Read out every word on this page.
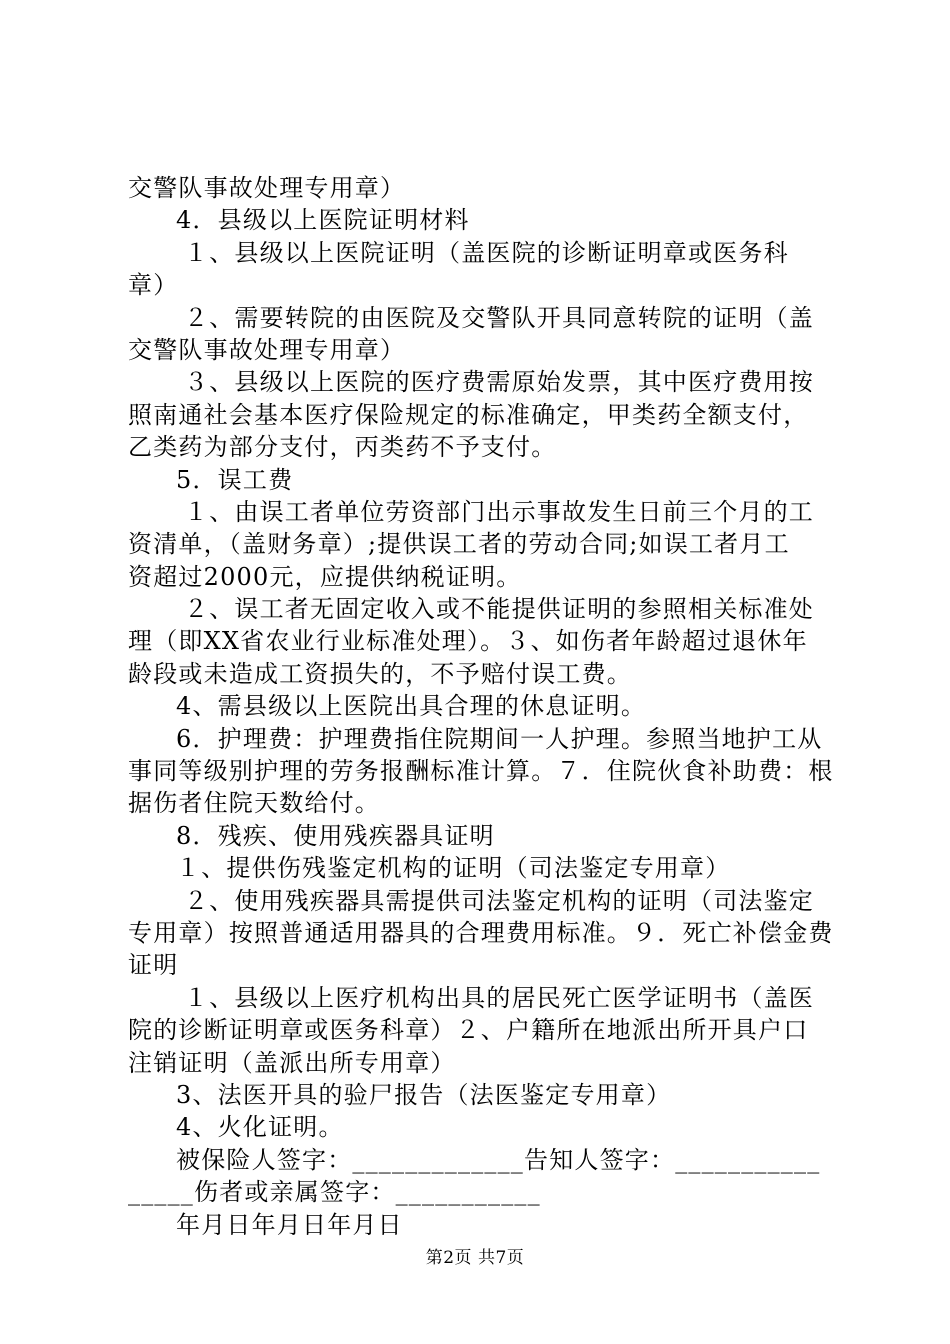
交警队事故处理专用章）
4．县级以上医院证明材料
１、县级以上医院证明（盖医院的诊断证明章或医务科
章）
２、需要转院的由医院及交警队开具同意转院的证明（盖
交警队事故处理专用章）
３、县级以上医院的医疗费需原始发票，其中医疗费用按
照南通社会基本医疗保险规定的标准确定，甲类药全额支付，
乙类药为部分支付，丙类药不予支付。
5．误工费
１、由误工者单位劳资部门出示事故发生日前三个月的工
资清单，（盖财务章）;提供误工者的劳动合同;如误工者月工
资超过2000元，应提供纳税证明。
２、误工者无固定收入或不能提供证明的参照相关标准处
理（即XX省农业行业标准处理）。３、如伤者年龄超过退休年
龄段或未造成工资损失的，不予赔付误工费。
4、需县级以上医院出具合理的休息证明。
6．护理费：护理费指住院期间一人护理。参照当地护工从
事同等级别护理的劳务报酬标准计算。７．住院伙食补助费：根
据伤者住院天数给付。
8．残疾、使用残疾器具证明
１、提供伤残鉴定机构的证明（司法鉴定专用章）
２、使用残疾器具需提供司法鉴定机构的证明（司法鉴定
专用章）按照普通适用器具的合理费用标准。９．死亡补偿金费
证明
１、县级以上医疗机构出具的居民死亡医学证明书（盖医
院的诊断证明章或医务科章）２、户籍所在地派出所开具户口
注销证明（盖派出所专用章）
3、法医开具的验尸报告（法医鉴定专用章）
4、火化证明。
被保险人签字：_____________告知人签字：___________
_____伤者或亲属签字：___________
年月日年月日年月日
第2页 共7页
